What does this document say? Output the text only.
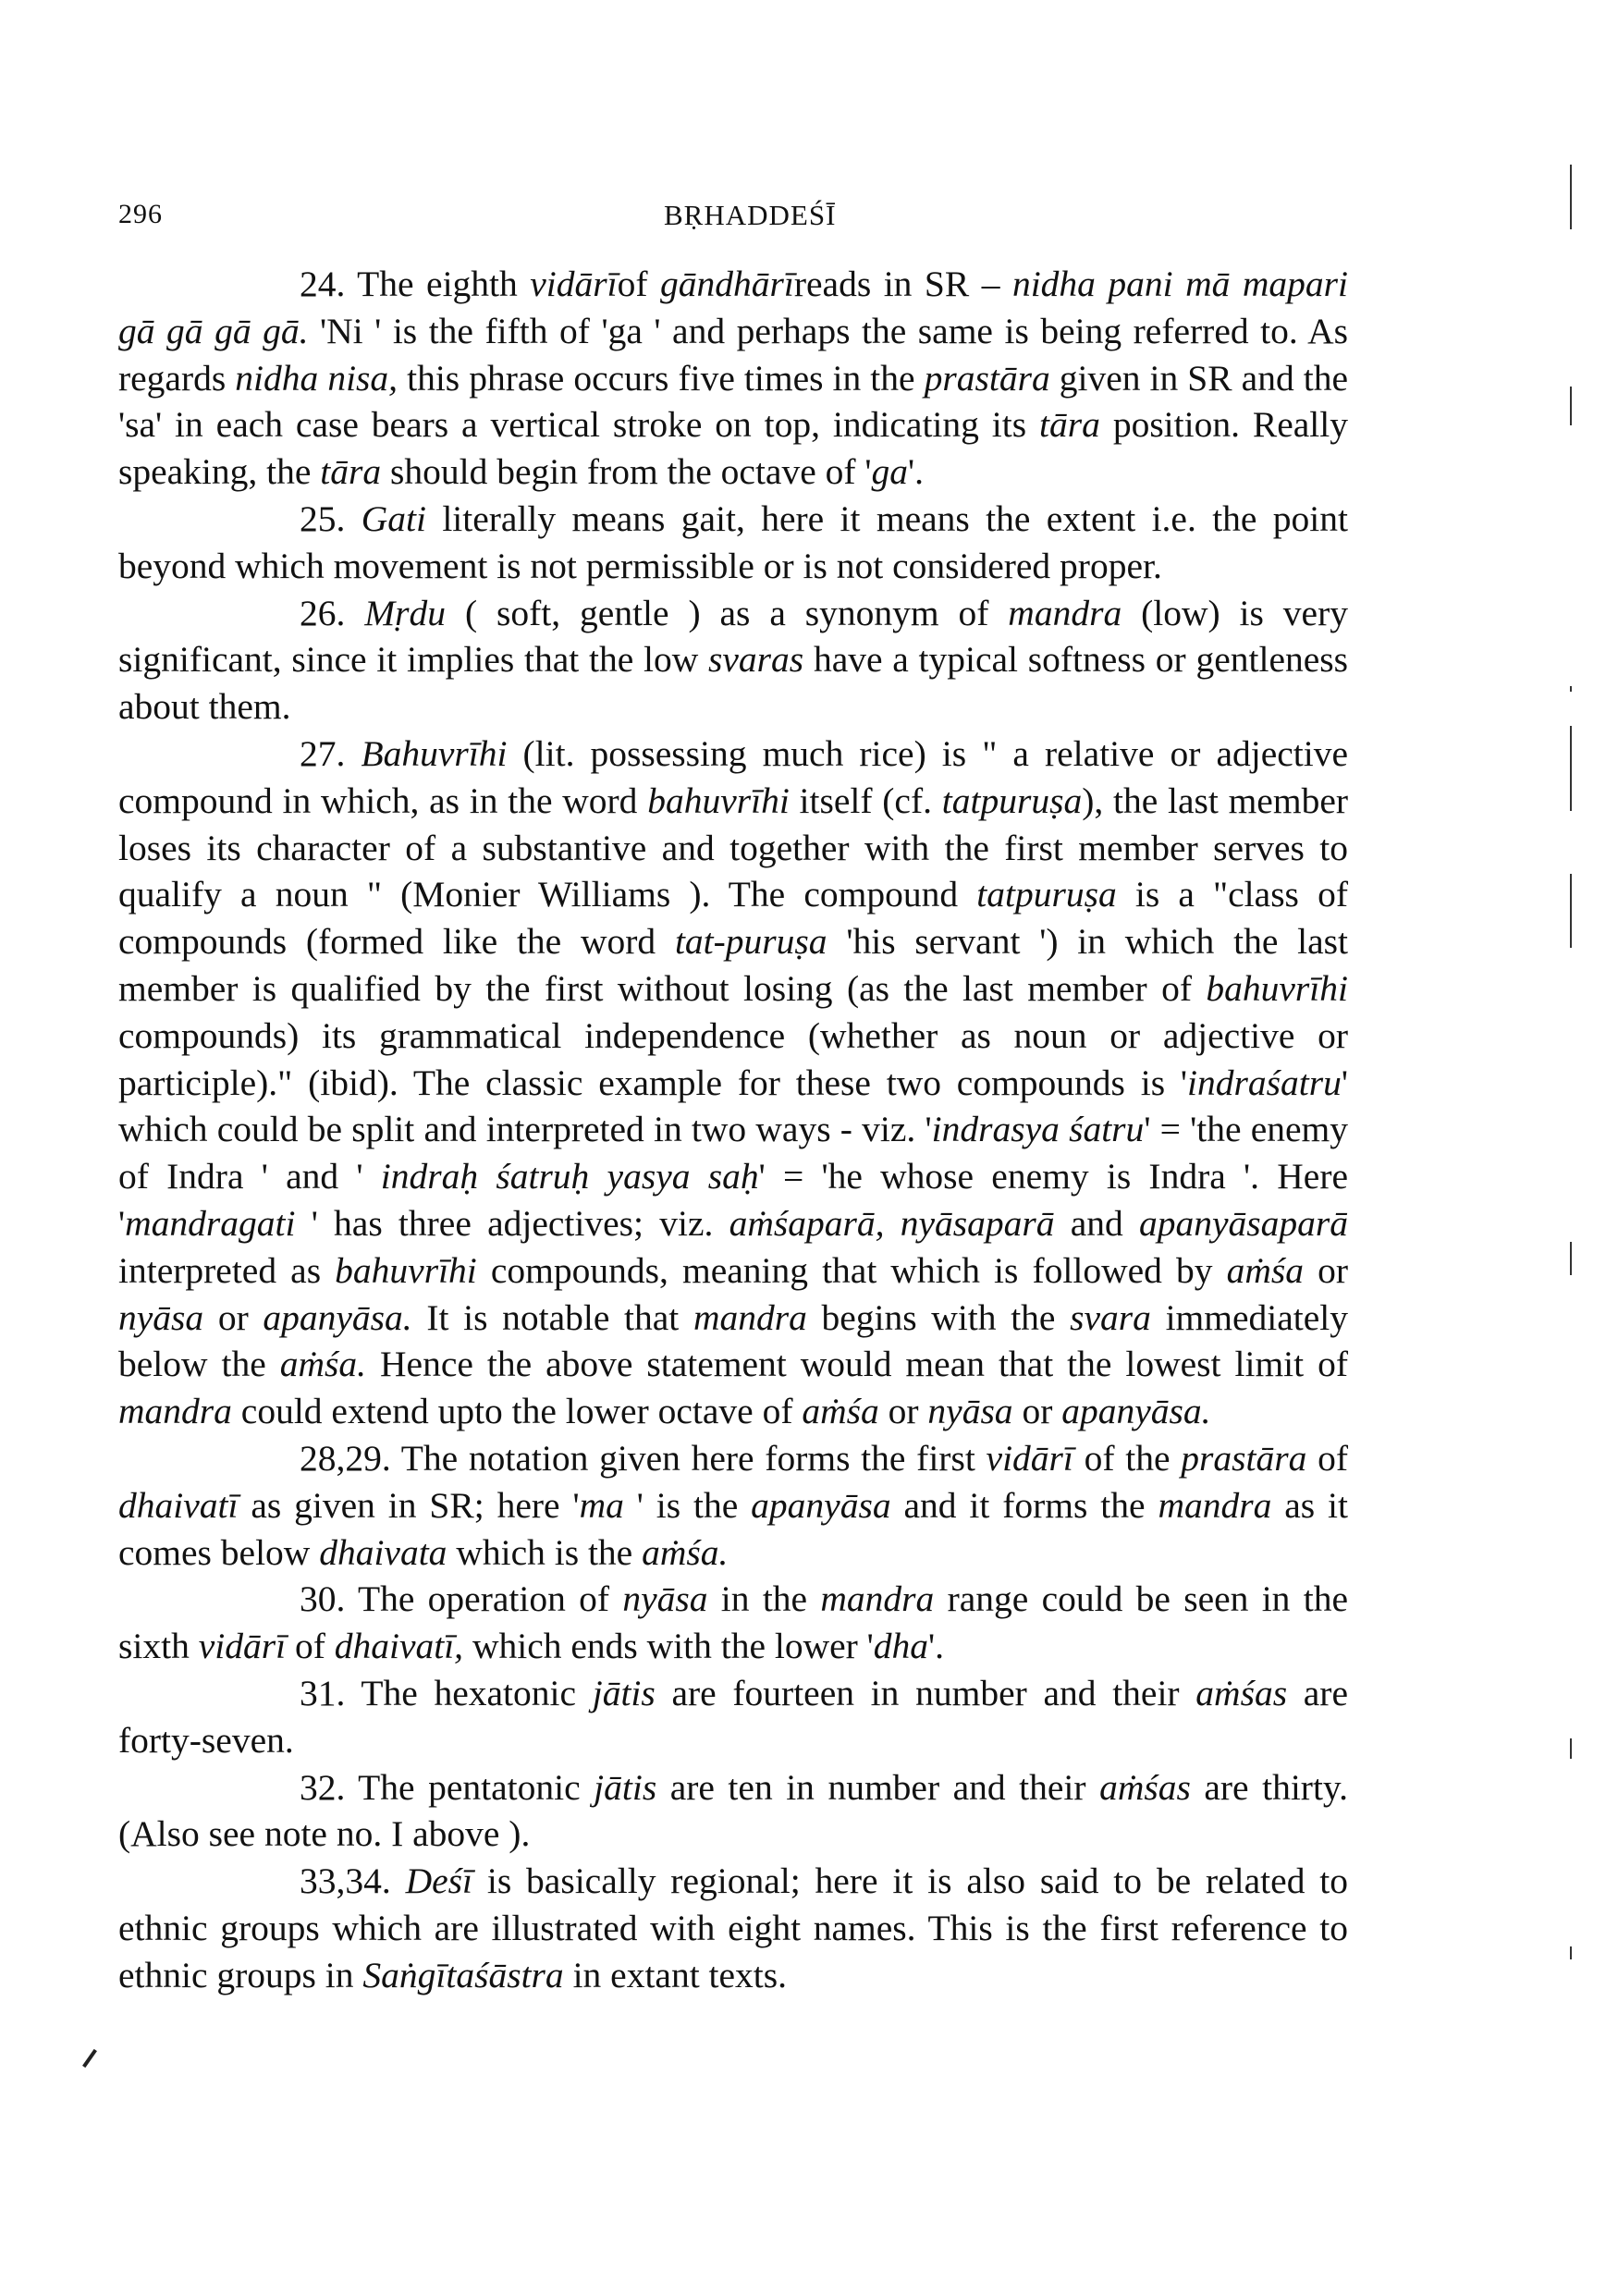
296	BṚHADDEŚĪ

24. The eighth vidārīof gāndhārīreads in SR – nidha pani mā mapari gā gā gā gā. 'Ni ' is the fifth of 'ga ' and perhaps the same is being referred to. As regards nidha nisa, this phrase occurs five times in the prastāra given in SR and the 'sa' in each case bears a vertical stroke on top, indicating its tāra position. Really speaking, the tāra should begin from the octave of 'ga'.

25. Gati literally means gait, here it means the extent i.e. the point beyond which movement is not permissible or is not considered proper.

26. Mṛdu ( soft, gentle ) as a synonym of mandra (low) is very significant, since it implies that the low svaras have a typical softness or gentleness about them.

27. Bahuvrīhi (lit. possessing much rice) is " a relative or adjective compound in which, as in the word bahuvrīhi itself (cf. tatpuruṣa), the last member loses its character of a substantive and together with the first member serves to qualify a noun " (Monier Williams ). The compound tatpuruṣa is a "class of compounds (formed like the word tat-puruṣa 'his servant ') in which the last member is qualified by the first without losing (as the last member of bahuvrīhi compounds) its grammatical independence (whether as noun or adjective or participle)." (ibid). The classic example for these two compounds is 'indraśatru' which could be split and interpreted in two ways - viz. 'indrasya śatru' = 'the enemy of Indra ' and ' indraḥ śatruḥ yasya saḥ' = 'he whose enemy is Indra '. Here 'mandragati ' has three adjectives; viz. aṁśaparā, nyāsaparā and apanyāsaparā interpreted as bahuvrīhi compounds, meaning that which is followed by aṁśa or nyāsa or apanyāsa. It is notable that mandra begins with the svara immediately below the aṁśa. Hence the above statement would mean that the lowest limit of mandra could extend upto the lower octave of aṁśa or nyāsa or apanyāsa.

28,29. The notation given here forms the first vidārī of the prastāra of dhaivatī as given in SR; here 'ma ' is the apanyāsa and it forms the mandra as it comes below dhaivata which is the aṁśa.

30. The operation of nyāsa in the mandra range could be seen in the sixth vidārī of dhaivatī, which ends with the lower 'dha'.

31. The hexatonic jātis are fourteen in number and their aṁśas are forty-seven.

32. The pentatonic jātis are ten in number and their aṁśas are thirty. (Also see note no. I above ).

33,34. Deśī is basically regional; here it is also said to be related to ethnic groups which are illustrated with eight names. This is the first reference to ethnic groups in Saṅgītaśāstra in extant texts.
